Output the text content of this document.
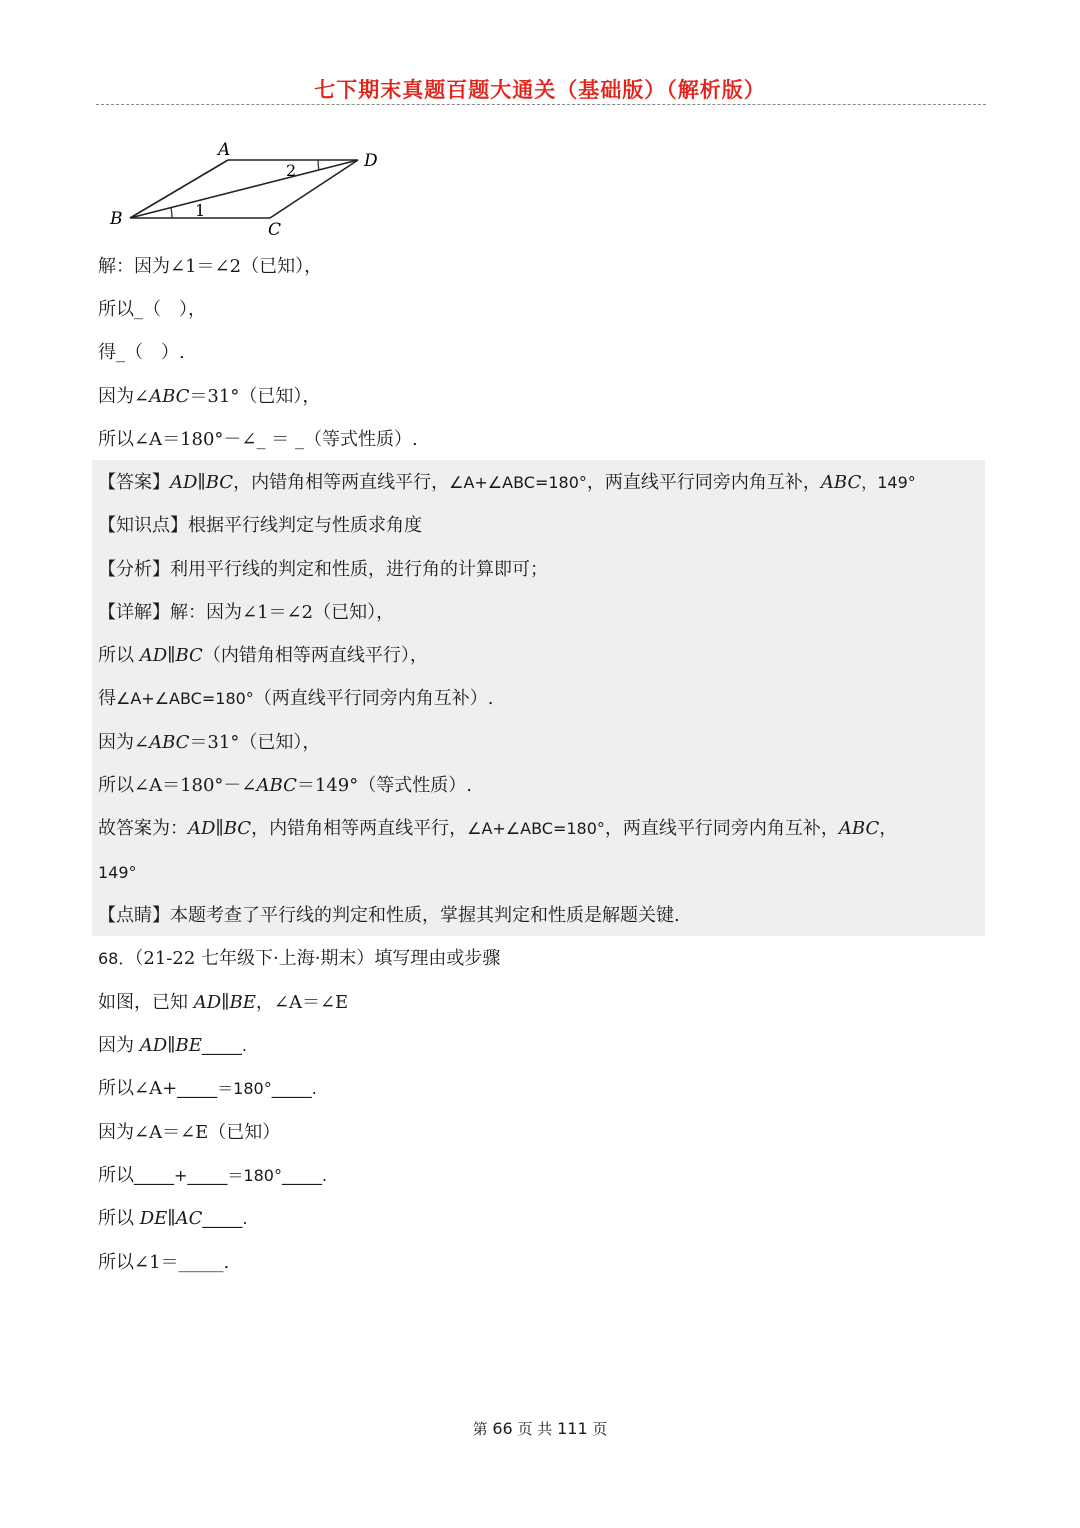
七下期末真题百题大通关（基础版）（解析版）
A
B
C
D
1
2
解：因为∠1＝∠2（已知），
所以_（　），
得_（　）.
因为∠ABC＝31°（已知），
所以∠A＝180°－∠_ ＝ _（等式性质）.
【答案】AD∥BC，内错角相等两直线平行，∠A+∠ABC=180°，两直线平行同旁内角互补，ABC，149°
【知识点】根据平行线判定与性质求角度
【分析】利用平行线的判定和性质，进行角的计算即可；
【详解】解：因为∠1＝∠2（已知），
所以 AD∥BC（内错角相等两直线平行），
得∠A+∠ABC=180°（两直线平行同旁内角互补）.
因为∠ABC＝31°（已知），
所以∠A＝180°－∠ABC＝149°（等式性质）.
故答案为：AD∥BC，内错角相等两直线平行，∠A+∠ABC=180°，两直线平行同旁内角互补，ABC，
149°
【点睛】本题考查了平行线的判定和性质，掌握其判定和性质是解题关键.
68．（21-22 七年级下·上海·期末）填写理由或步骤
如图，已知 AD∥BE，∠A＝∠E
因为 AD∥BE_____.
所以∠A+_____＝180°_____.
因为∠A＝∠E（已知）
所以_____+_____＝180°_____.
所以 DE∥AC_____.
所以∠1＝_____.
第 66 页 共 111 页
